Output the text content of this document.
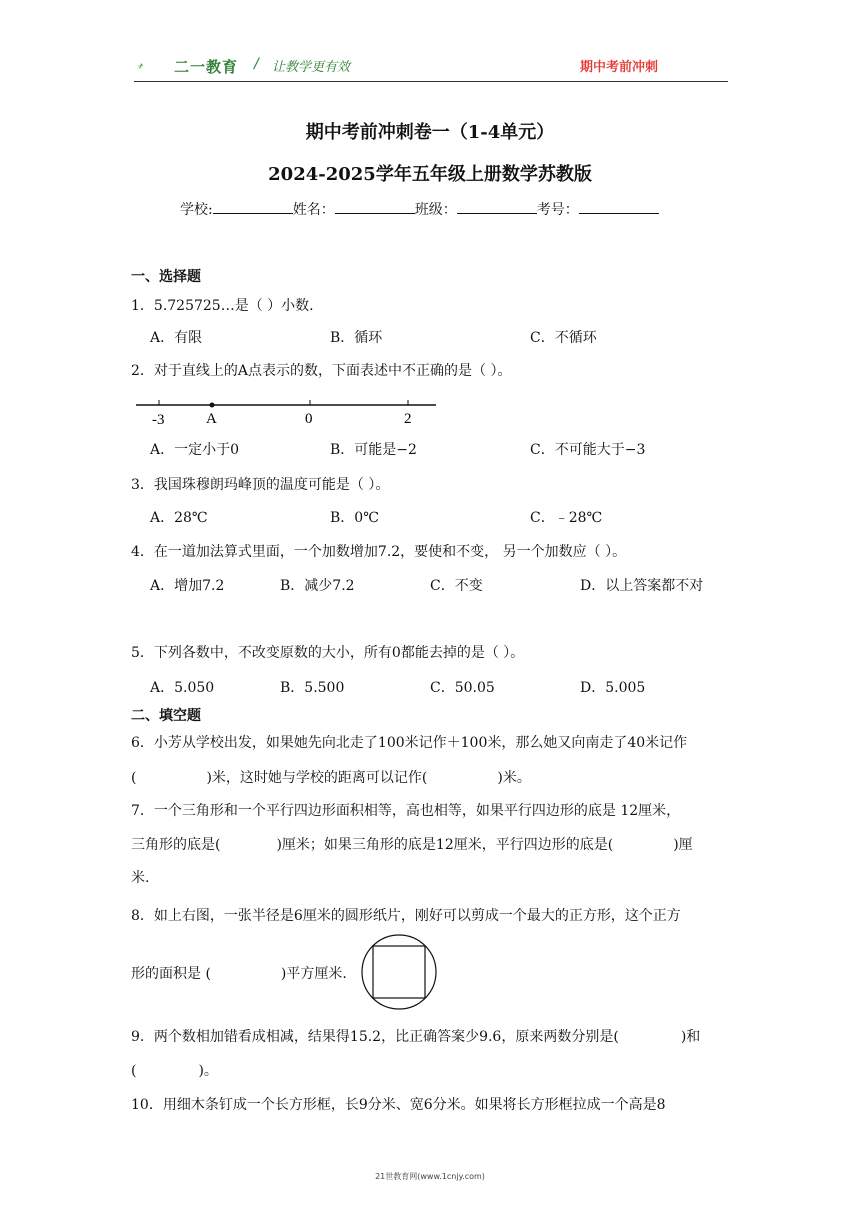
二一教育 / 让教学更有效	期中考前冲刺
期中考前冲刺卷一（1-4单元）
2024-2025学年五年级上册数学苏教版
学校:	姓名：	班级：	考号：
一、选择题
1．5.725725…是（ ）小数.
A．有限	B．循环	C．不循环
2．对于直线上的A点表示的数，下面表述中不正确的是（ ）。
-3	A	0	2
A．一定小于0	B．可能是−2	C．不可能大于−3
3．我国珠穆朗玛峰顶的温度可能是（ ）。
A．28℃	B．0℃	C．﹣28℃
4．在一道加法算式里面，一个加数增加7.2，要使和不变， 另一个加数应（ ）。
A．增加7.2	B．减少7.2	C．不变	D．以上答案都不对
5．下列各数中，不改变原数的大小，所有0都能去掉的是（ ）。
A．5.050	B．5.500	C．50.05	D．5.005
二、填空题
6．小芳从学校出发，如果她先向北走了100米记作＋100米，那么她又向南走了40米记作
(	)米，这时她与学校的距离可以记作(	)米。
7．一个三角形和一个平行四边形面积相等，高也相等，如果平行四边形的底是 12厘米，
三角形的底是(	)厘米；如果三角形的底是12厘米，平行四边形的底是(	)厘
米.
8．如上右图，一张半径是6厘米的圆形纸片，刚好可以剪成一个最大的正方形，这个正方
形的面积是 (	)平方厘米.
9．两个数相加错看成相减，结果得15.2，比正确答案少9.6，原来两数分别是(	)和
(	)。
10．用细木条钉成一个长方形框，长9分米、宽6分米。如果将长方形框拉成一个高是8
21世教育网(www.1cnjy.com)
